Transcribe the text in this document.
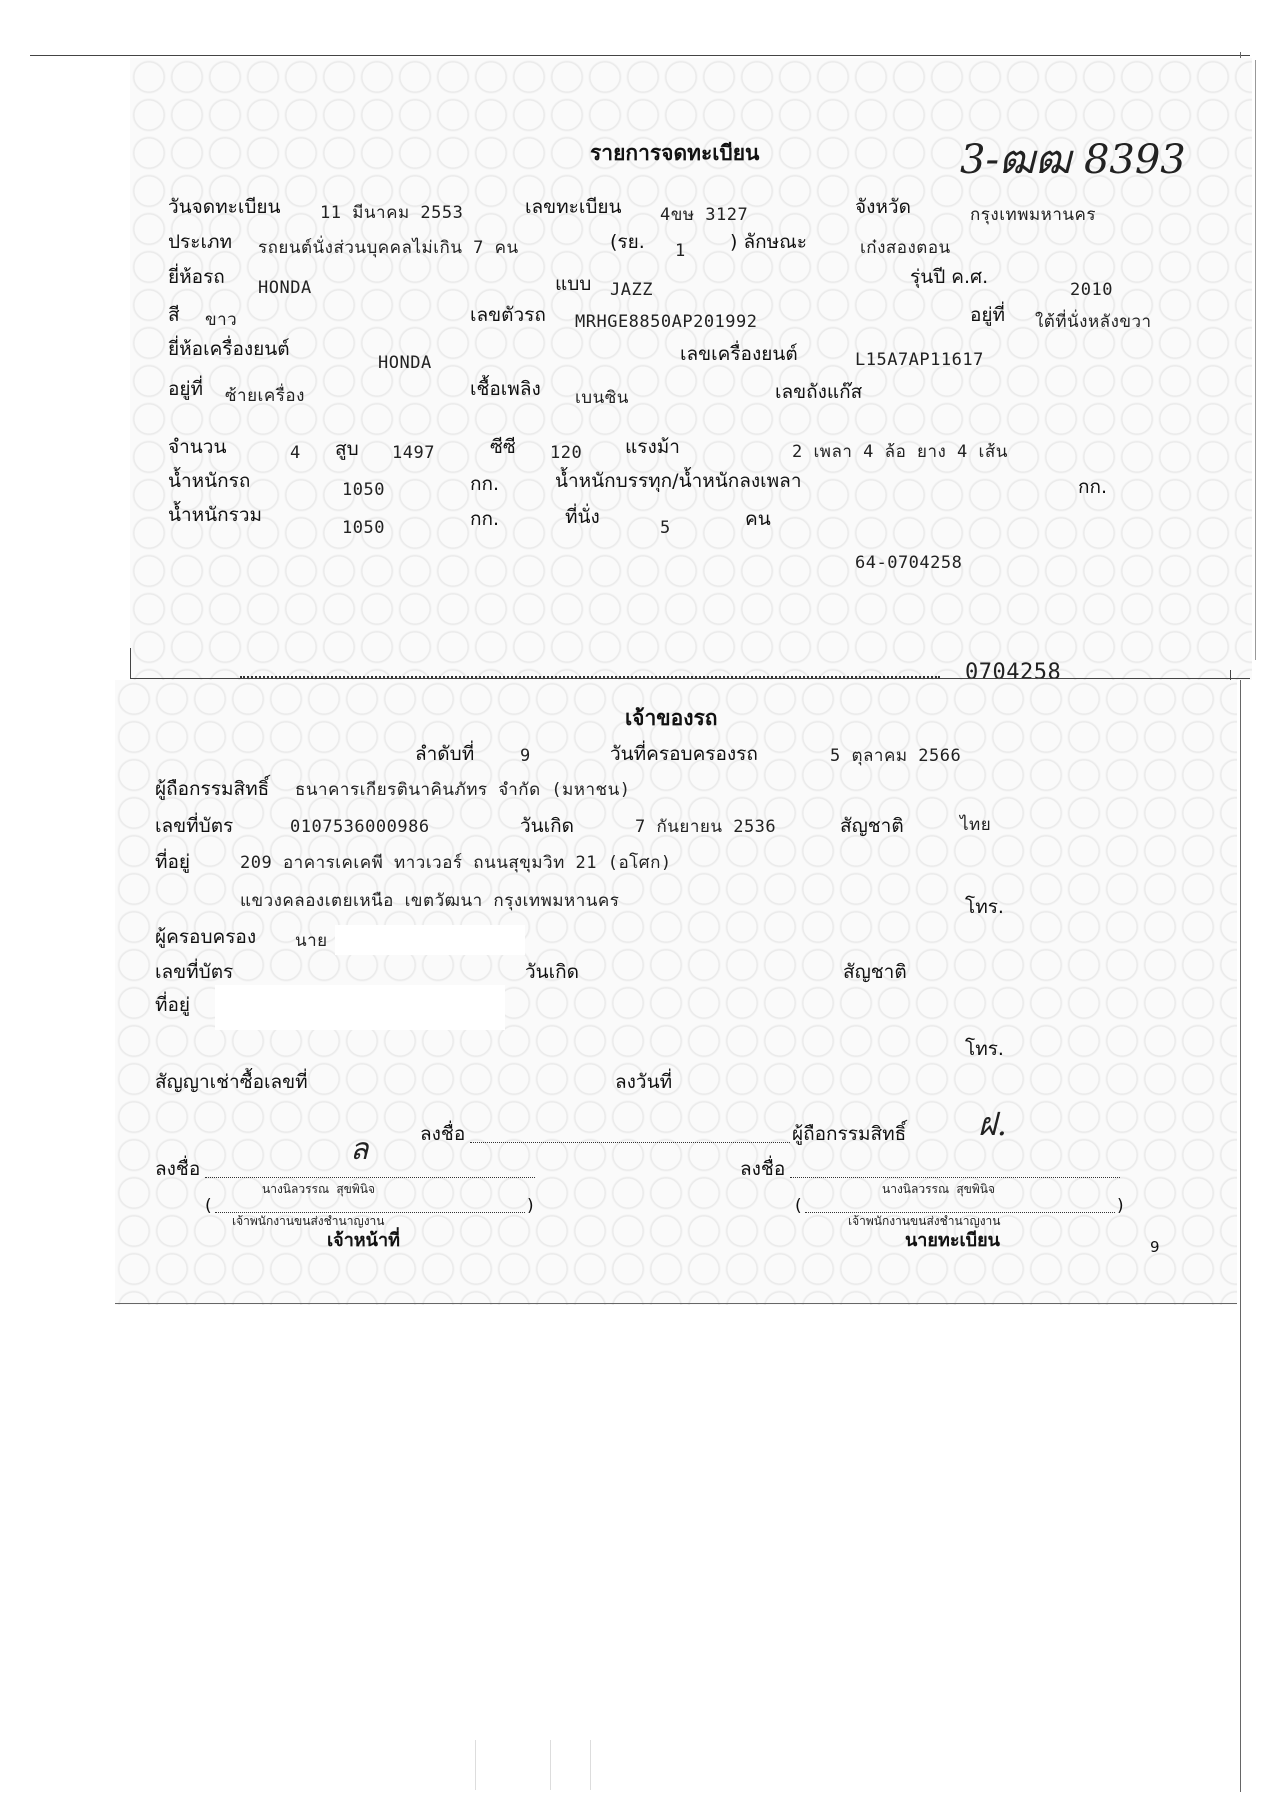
รายการจดทะเบียน	3-ฒฒ 8393
วันจดทะเบียน 11 มีนาคม 2553	เลขทะเบียน 4ขษ 3127	จังหวัด	กรุงเทพมหานคร
ประเภท รถยนต์นั่งส่วนบุคคลไม่เกิน 7 คน	(รย. 1 ) ลักษณะ	เก๋งสองตอน
ยี่ห้อรถ HONDA	แบบ JAZZ
รุ่นปี ค.ศ.
2010
สี ขาว	เลขตัวรถ MRHGE8850AP201992	อยู่ที่ ใต้ที่นั่งหลังขวา
ยี่ห้อเครื่องยนต์
HONDA	เลขเครื่องยนต์	L15A7AP11617
อยู่ที่ ซ้ายเครื่อง	เชื้อเพลิง เบนซิน	เลขถังแก๊ส
จำนวน	4 สูบ 1497	ซีซี 120 แรงม้า	2 เพลา 4 ล้อ ยาง 4 เส้น
น้ำหนักรถ	1050	กก.	น้ำหนักบรรทุก/น้ำหนักลงเพลา	กก.
น้ำหนักรวม
1050	กก.	ที่นั่ง	5	คน
64-0704258
0704258
เจ้าของรถ
ลำดับที่	9	วันที่ครอบครองรถ	5 ตุลาคม 2566
ผู้ถือกรรมสิทธิ์ ธนาคารเกียรตินาคินภัทร จำกัด (มหาชน)
เลขที่บัตร	0107536000986	วันเกิด	7 กันยายน 2536	สัญชาติ	ไทย
ที่อยู่	209 อาคารเคเคพี ทาวเวอร์ ถนนสุขุมวิท 21 (อโศก)
แขวงคลองเตยเหนือ เขตวัฒนา กรุงเทพมหานคร	โทร.
ผู้ครอบครอง นาย
เลขที่บัตร	วันเกิด	สัญชาติ
ที่อยู่
โทร.
สัญญาเช่าซื้อเลขที่	ลงวันที่
ลงชื่อ	ผู้ถือกรรมสิทธิ์ ฝ.
ลงชื่อ
ล
นางนิลวรรณ สุขพินิจ
(	)
เจ้าพนักงานขนส่งชำนาญงาน
เจ้าหน้าที่
ลงชื่อ
นางนิลวรรณ สุขพินิจ
(	)
เจ้าพนักงานขนส่งชำนาญงาน
นายทะเบียน	9
